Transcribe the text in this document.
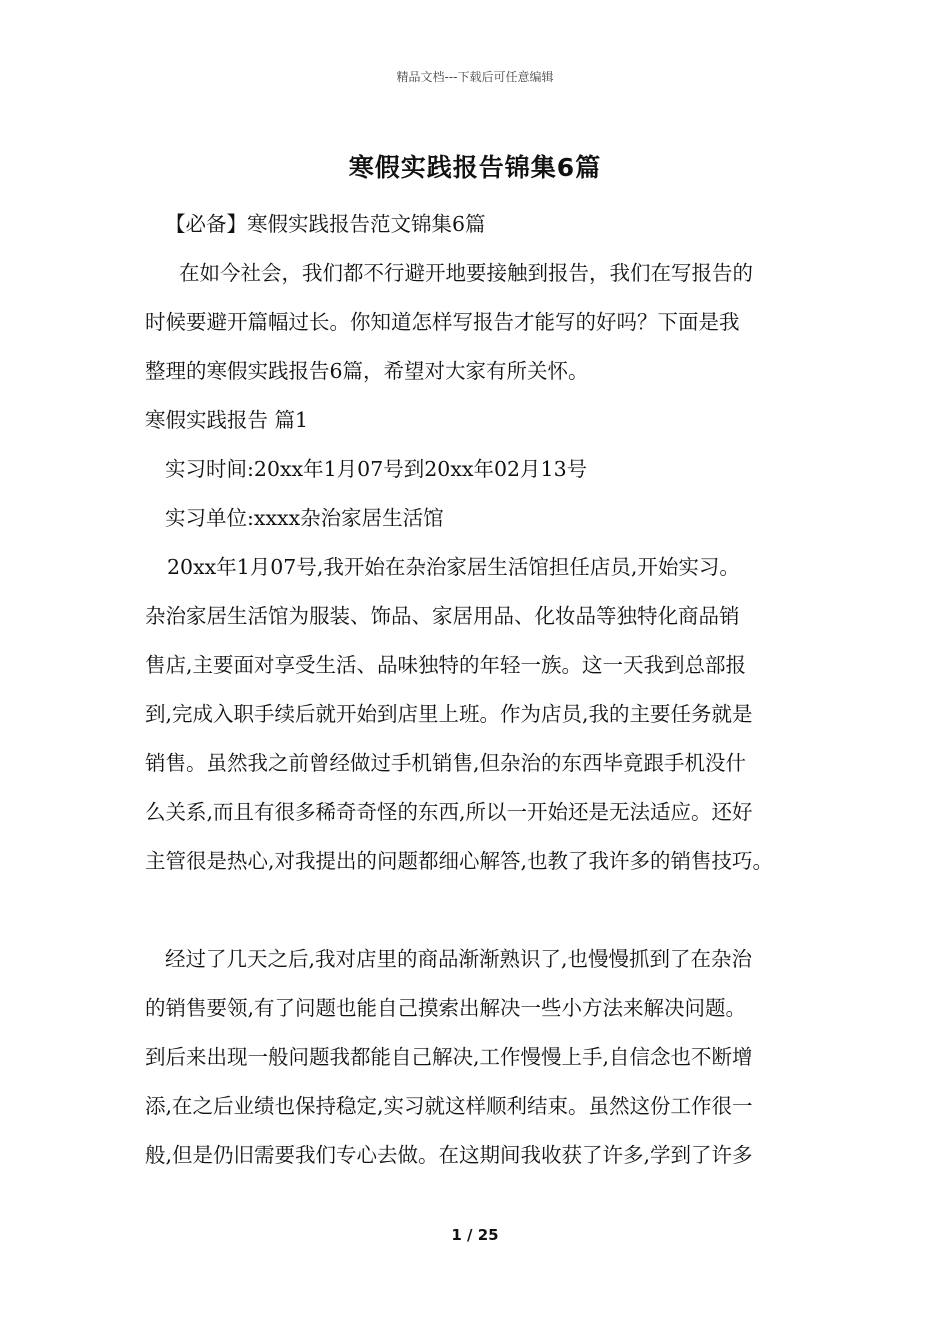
精品文档---下载后可任意编辑
寒假实践报告锦集6篇
【必备】寒假实践报告范文锦集6篇
在如今社会，我们都不行避开地要接触到报告，我们在写报告的
时候要避开篇幅过长。你知道怎样写报告才能写的好吗？下面是我
整理的寒假实践报告6篇，希望对大家有所关怀。
寒假实践报告 篇1
实习时间:20xx年1月07号到20xx年02月13号
实习单位:xxxx杂治家居生活馆
20xx年1月07号,我开始在杂治家居生活馆担任店员,开始实习。
杂治家居生活馆为服装、饰品、家居用品、化妆品等独特化商品销
售店,主要面对享受生活、品味独特的年轻一族。这一天我到总部报
到,完成入职手续后就开始到店里上班。作为店员,我的主要任务就是
销售。虽然我之前曾经做过手机销售,但杂治的东西毕竟跟手机没什
么关系,而且有很多稀奇奇怪的东西,所以一开始还是无法适应。还好
主管很是热心,对我提出的问题都细心解答,也教了我许多的销售技巧。
经过了几天之后,我对店里的商品渐渐熟识了,也慢慢抓到了在杂治
的销售要领,有了问题也能自己摸索出解决一些小方法来解决问题。
到后来出现一般问题我都能自己解决,工作慢慢上手,自信念也不断增
添,在之后业绩也保持稳定,实习就这样顺利结束。虽然这份工作很一
般,但是仍旧需要我们专心去做。在这期间我收获了许多,学到了许多
1 / 25
